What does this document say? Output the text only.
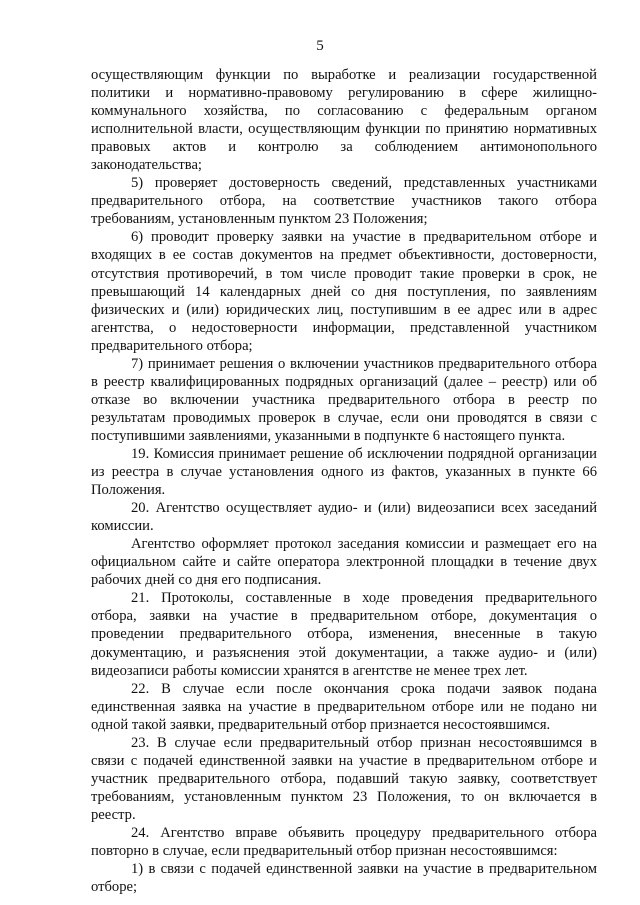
5

осуществляющим функции по выработке и реализации государственной политики и нормативно-правовому регулированию в сфере жилищно-коммунального хозяйства, по согласованию с федеральным органом исполнительной власти, осуществляющим функции по принятию нормативных правовых актов и контролю за соблюдением антимонопольного законодательства;

5) проверяет достоверность сведений, представленных участниками предварительного отбора, на соответствие участников такого отбора требованиям, установленным пунктом 23 Положения;

6) проводит проверку заявки на участие в предварительном отборе и входящих в ее состав документов на предмет объективности, достоверности, отсутствия противоречий, в том числе проводит такие проверки в срок, не превышающий 14 календарных дней со дня поступления, по заявлениям физических и (или) юридических лиц, поступившим в ее адрес или в адрес агентства, о недостоверности информации, представленной участником предварительного отбора;

7) принимает решения о включении участников предварительного отбора в реестр квалифицированных подрядных организаций (далее – реестр) или об отказе во включении участника предварительного отбора в реестр по результатам проводимых проверок в случае, если они проводятся в связи с поступившими заявлениями, указанными в подпункте 6 настоящего пункта.

19. Комиссия принимает решение об исключении подрядной организации из реестра в случае установления одного из фактов, указанных в пункте 66 Положения.

20. Агентство осуществляет аудио- и (или) видеозаписи всех заседаний комиссии.

Агентство оформляет протокол заседания комиссии и размещает его на официальном сайте и сайте оператора электронной площадки в течение двух рабочих дней со дня его подписания.

21. Протоколы, составленные в ходе проведения предварительного отбора, заявки на участие в предварительном отборе, документация о проведении предварительного отбора, изменения, внесенные в такую документацию, и разъяснения этой документации, а также аудио- и (или) видеозаписи работы комиссии хранятся в агентстве не менее трех лет.

22. В случае если после окончания срока подачи заявок подана единственная заявка на участие в предварительном отборе или не подано ни одной такой заявки, предварительный отбор признается несостоявшимся.

23. В случае если предварительный отбор признан несостоявшимся в связи с подачей единственной заявки на участие в предварительном отборе и участник предварительного отбора, подавший такую заявку, соответствует требованиям, установленным пунктом 23 Положения, то он включается в реестр.

24. Агентство вправе объявить процедуру предварительного отбора повторно в случае, если предварительный отбор признан несостоявшимся:

1) в связи с подачей единственной заявки на участие в предварительном отборе;
